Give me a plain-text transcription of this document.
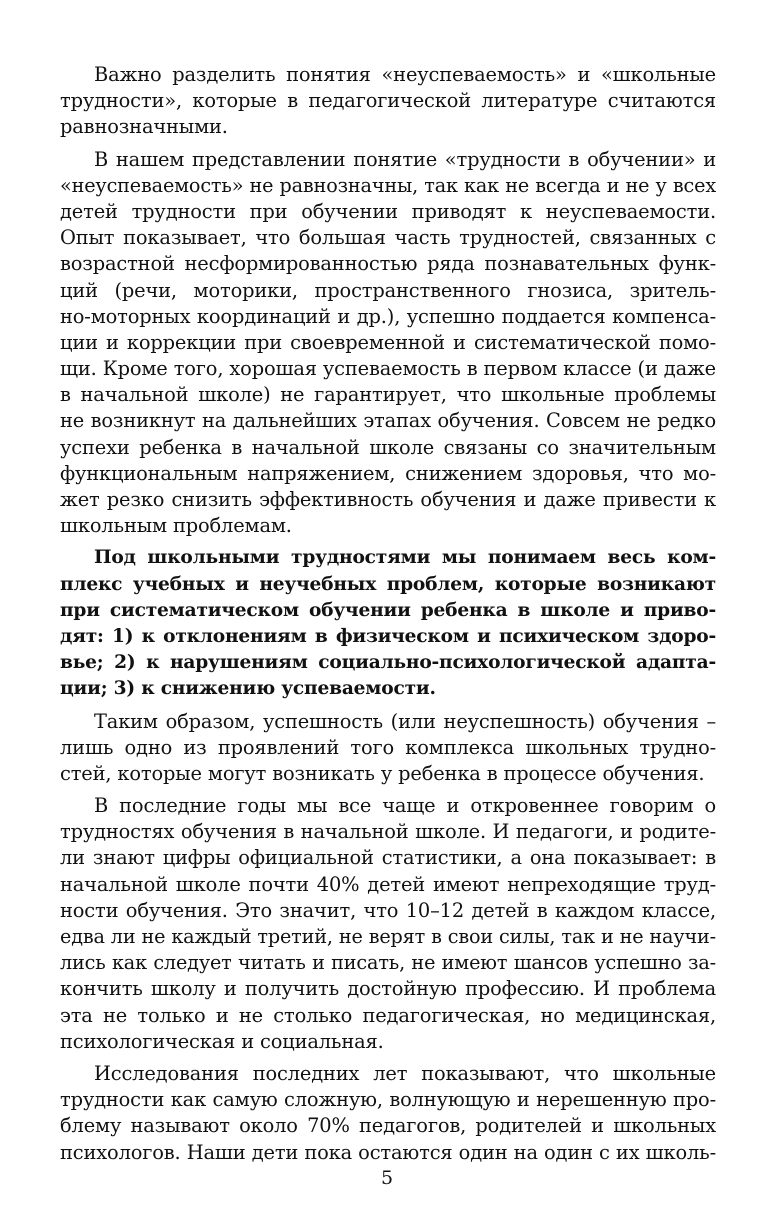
Важно разделить понятия «неуспеваемость» и «школьные
трудности», которые в педагогической литературе считаются
равнозначными.
В нашем представлении понятие «трудности в обучении» и
«неуспеваемость» не равнозначны, так как не всегда и не у всех
детей трудности при обучении приводят к неуспеваемости.
Опыт показывает, что большая часть трудностей, связанных с
возрастной несформированностью ряда познавательных функ-
ций (речи, моторики, пространственного гнозиса, зритель-
но-моторных координаций и др.), успешно поддается компенса-
ции и коррекции при своевременной и систематической помо-
щи. Кроме того, хорошая успеваемость в первом классе (и даже
в начальной школе) не гарантирует, что школьные проблемы
не возникнут на дальнейших этапах обучения. Совсем не редко
успехи ребенка в начальной школе связаны со значительным
функциональным напряжением, снижением здоровья, что мо-
жет резко снизить эффективность обучения и даже привести к
школьным проблемам.
Под школьными трудностями мы понимаем весь ком-
плекс учебных и неучебных проблем, которые возникают
при систематическом обучении ребенка в школе и приво-
дят: 1) к отклонениям в физическом и психическом здоро-
вье; 2) к нарушениям социально-психологической адапта-
ции; 3) к снижению успеваемости.
Таким образом, успешность (или неуспешность) обучения –
лишь одно из проявлений того комплекса школьных трудно-
стей, которые могут возникать у ребенка в процессе обучения.
В последние годы мы все чаще и откровеннее говорим о
трудностях обучения в начальной школе. И педагоги, и родите-
ли знают цифры официальной статистики, а она показывает: в
начальной школе почти 40% детей имеют непреходящие труд-
ности обучения. Это значит, что 10–12 детей в каждом классе,
едва ли не каждый третий, не верят в свои силы, так и не научи-
лись как следует читать и писать, не имеют шансов успешно за-
кончить школу и получить достойную профессию. И проблема
эта не только и не столько педагогическая, но медицинская,
психологическая и социальная.
Исследования последних лет показывают, что школьные
трудности как самую сложную, волнующую и нерешенную про-
блему называют около 70% педагогов, родителей и школьных
психологов. Наши дети пока остаются один на один с их школь-
5
